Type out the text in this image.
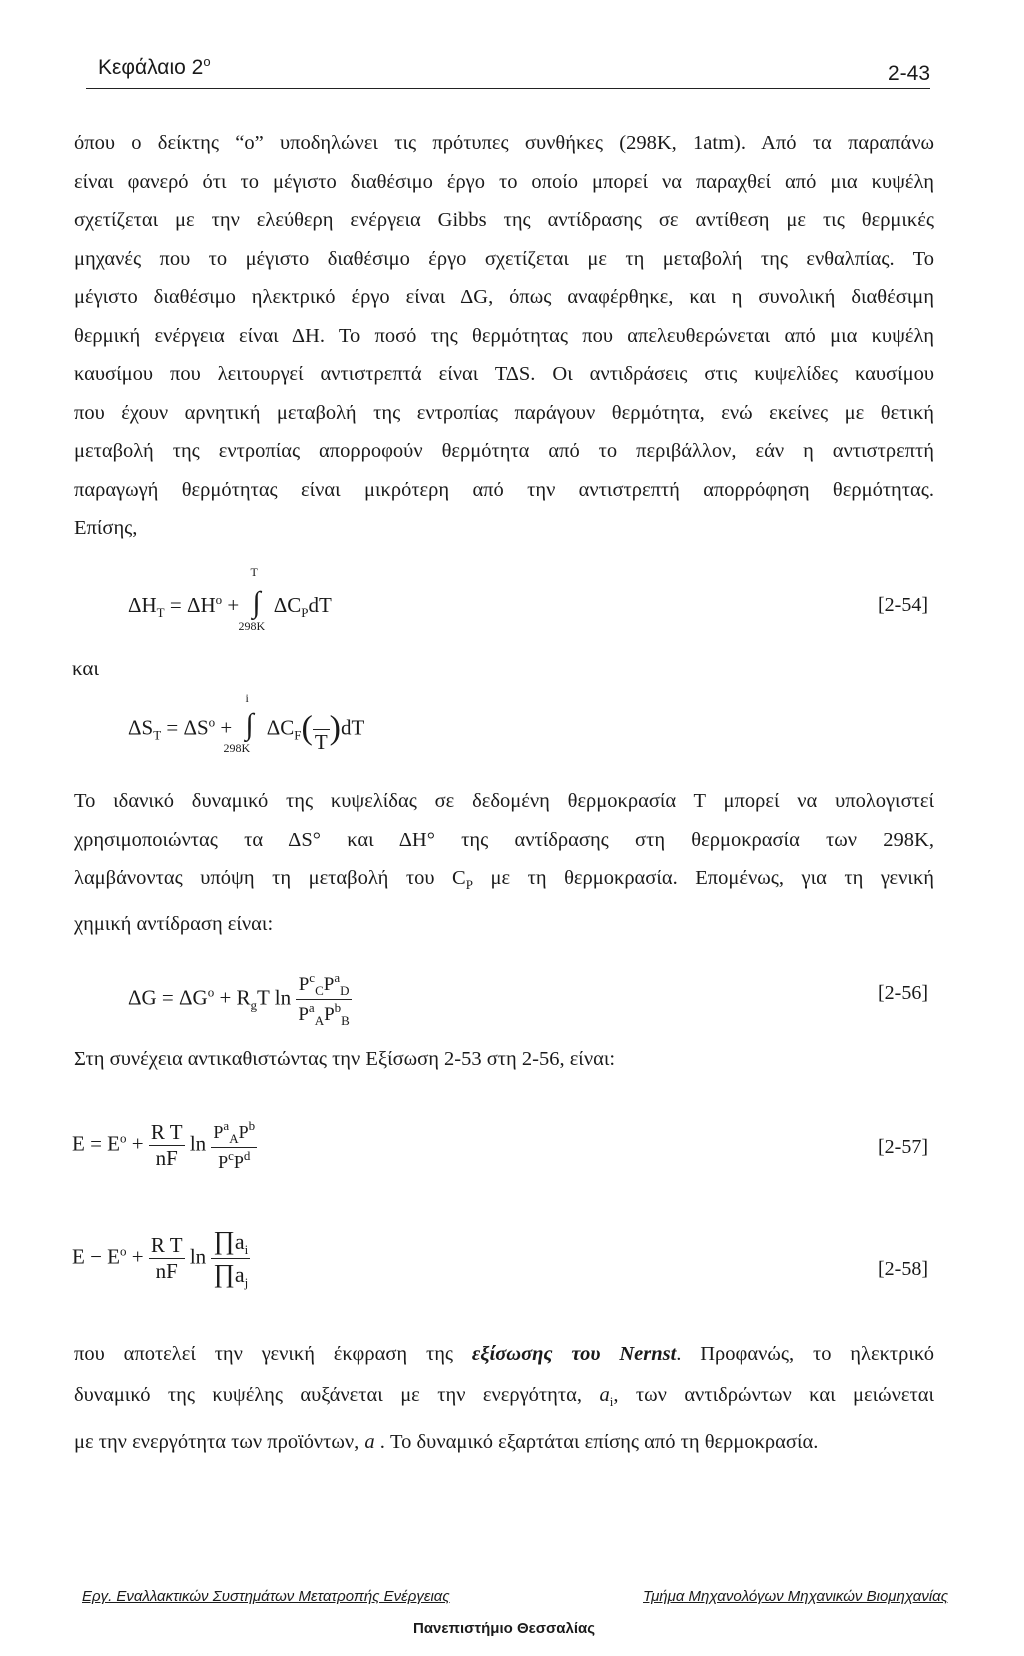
Κεφάλαιο $2^o$
2-43
όπου ο δείκτης “ο” υποδηλώνει τις πρότυπες συνθήκες (298K, 1atm). Από τα παραπάνω
είναι φανερό ότι το μέγιστο διαθέσιμο έργο το οποίο μπορεί να παραχθεί από μια κυψέλη
σχετίζεται με την ελεύθερη ενέργεια Gibbs της αντίδρασης σε αντίθεση με τις θερμικές
μηχανές που το μέγιστο διαθέσιμο έργο σχετίζεται με τη μεταβολή της ενθαλπίας. Το
μέγιστο διαθέσιμο ηλεκτρικό έργο είναι ΔG, όπως αναφέρθηκε, και η συνολική διαθέσιμη
θερμική ενέργεια είναι ΔΗ. Το ποσό της θερμότητας που απελευθερώνεται από μια κυψέλη
καυσίμου που λειτουργεί αντιστρεπτά είναι ΤΔS. Οι αντιδράσεις στις κυψελίδες καυσίμου
που έχουν αρνητική μεταβολή της εντροπίας παράγουν θερμότητα, ενώ εκείνες με θετική
μεταβολή της εντροπίας απορροφούν θερμότητα από το περιβάλλον, εάν η αντιστρεπτή
παραγωγή θερμότητας είναι μικρότερη από την αντιστρεπτή απορρόφηση θερμότητας.
Επίσης,
$\Delta H_T = \Delta H^o$ +
T
∫
298K
$\Delta C_PdT$	[2-54]
και
$\Delta S_T = \Delta S^o$ +
i
∫
298K
$\Delta C_F$(
T )dT
Το ιδανικό δυναμικό της κυψελίδας σε δεδομένη θερμοκρασία Τ μπορεί να υπολογιστεί
χρησιμοποιώντας τα ΔS° και ΔΗ° της αντίδρασης στη θερμοκρασία των 298Κ,
λαμβάνοντας υπόψη τη μεταβολή του $C_P$ με τη θερμοκρασία. Επομένως, για τη γενική
χημική αντίδραση είναι:
$\Delta G = \Delta G^o + R_gT$ $\ln \frac{P^c_CP^a_D}{P^a_AP^b_B}$	[2-56]
Στη συνέχεια αντικαθιστώντας την Εξίσωση 2-53 στη 2-56, είναι:
$E = E^o + \frac{\text{R T}}{nF}$ $\ln \frac{P^a_AP^b}{P^cP^d}$	[2-57]
$E - E^o + \frac{\text{R T}}{nF}$ $\ln \frac{\prod a_i}{\prod a_j}$	[2-58]
που αποτελεί την γενική έκφραση της εξίσωσης του Nernst. Προφανώς, το ηλεκτρικό
δυναμικό της κυψέλης αυξάνεται με την ενεργότητα, $a_i$, των αντιδρώντων και μειώνεται
με την ενεργότητα των προϊόντων, a . Το δυναμικό εξαρτάται επίσης από τη θερμοκρασία.
Εργ. Εναλλακτικών Συστημάτων Μετατροπής Ενέργειας	Τμήμα Μηχανολόγων Μηχανικών Βιομηχανίας
Πανεπιστήμιο Θεσσαλίας
